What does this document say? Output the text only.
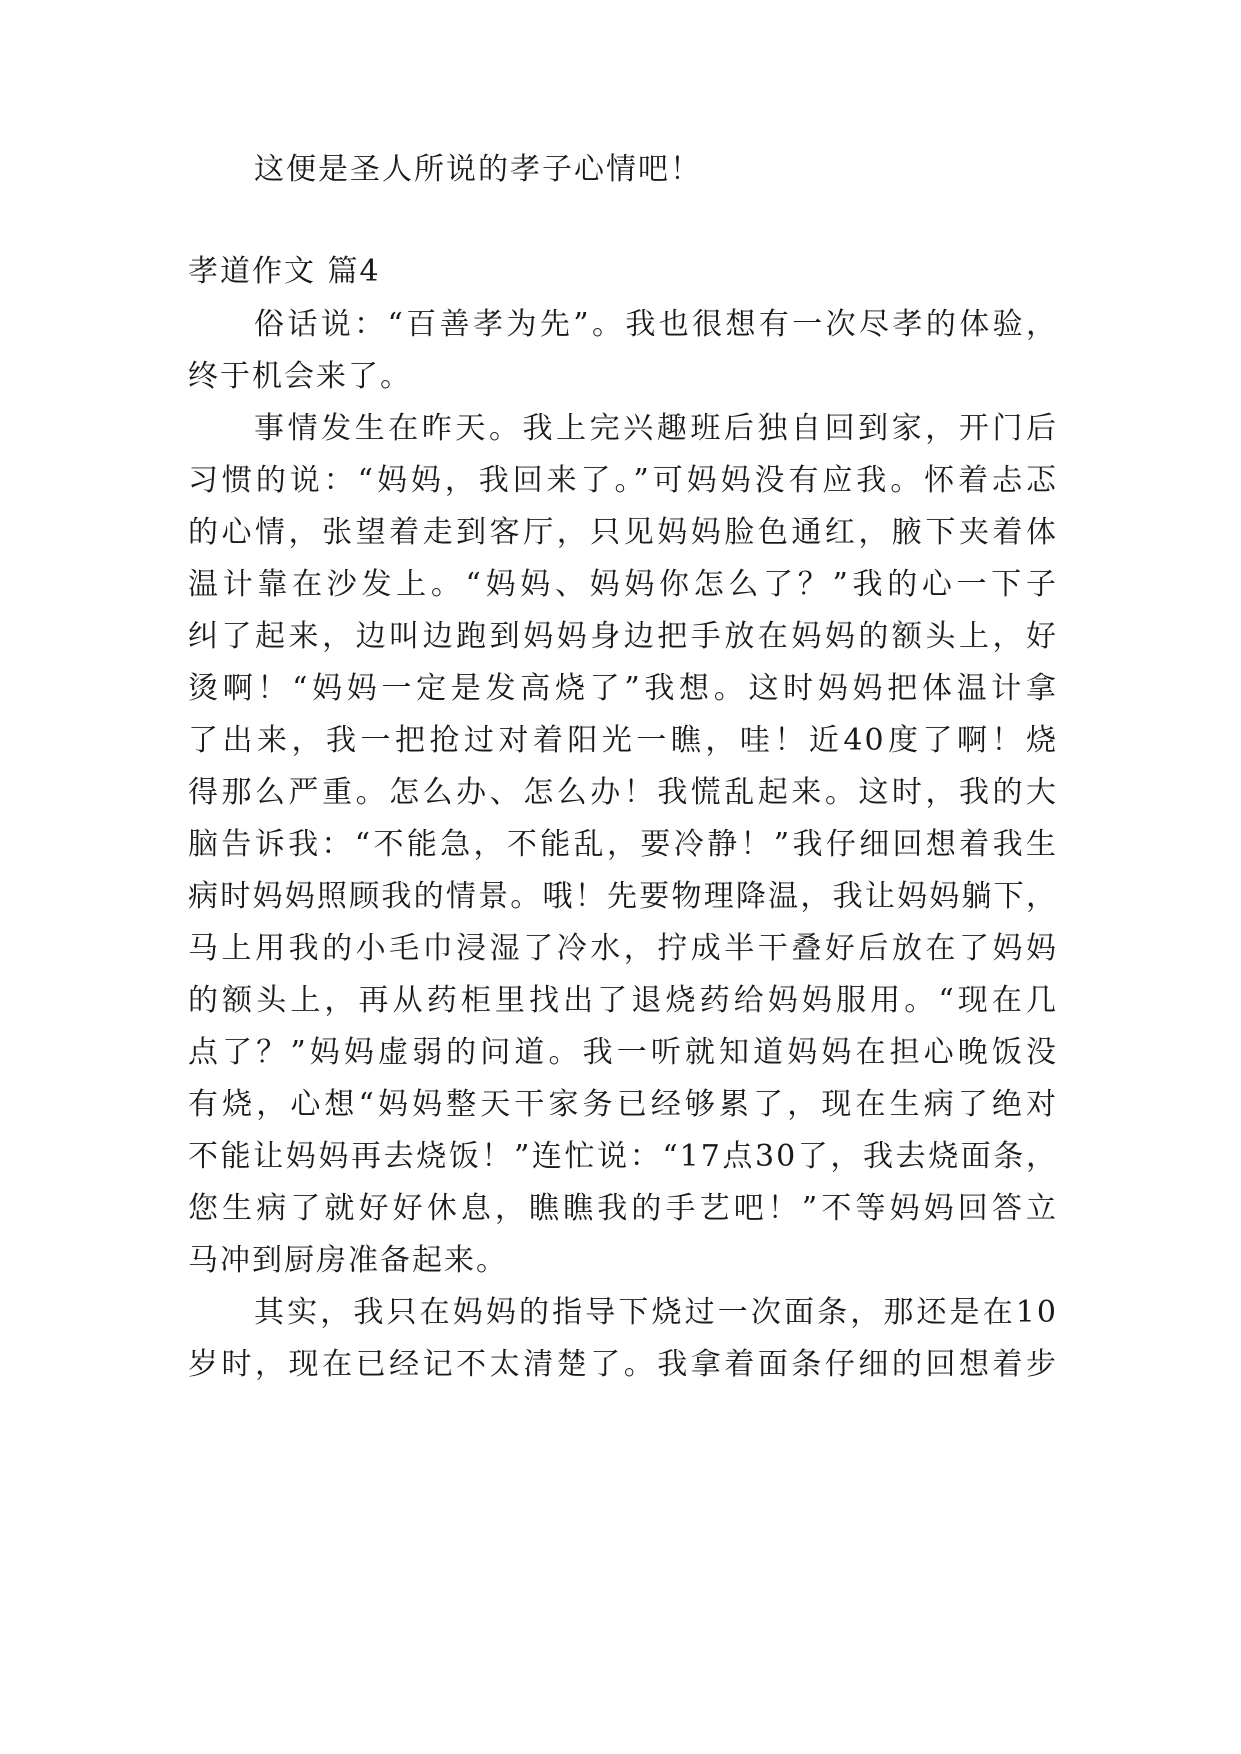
这便是圣人所说的孝子心情吧！
孝道作文 篇4
俗话说：“百善孝为先”。我也很想有一次尽孝的体验，
终于机会来了。
事情发生在昨天。我上完兴趣班后独自回到家，开门后
习惯的说：“妈妈，我回来了。”可妈妈没有应我。怀着忐忑
的心情，张望着走到客厅，只见妈妈脸色通红，腋下夹着体
温计靠在沙发上。“妈妈、妈妈你怎么了？”我的心一下子
纠了起来，边叫边跑到妈妈身边把手放在妈妈的额头上，好
烫啊！“妈妈一定是发高烧了”我想。这时妈妈把体温计拿
了出来，我一把抢过对着阳光一瞧，哇！近40度了啊！烧
得那么严重。怎么办、怎么办！我慌乱起来。这时，我的大
脑告诉我：“不能急，不能乱，要冷静！”我仔细回想着我生
病时妈妈照顾我的情景。哦！先要物理降温，我让妈妈躺下，
马上用我的小毛巾浸湿了冷水，拧成半干叠好后放在了妈妈
的额头上，再从药柜里找出了退烧药给妈妈服用。“现在几
点了？”妈妈虚弱的问道。我一听就知道妈妈在担心晚饭没
有烧，心想“妈妈整天干家务已经够累了，现在生病了绝对
不能让妈妈再去烧饭！”连忙说：“17点30了，我去烧面条，
您生病了就好好休息，瞧瞧我的手艺吧！”不等妈妈回答立
马冲到厨房准备起来。
其实，我只在妈妈的指导下烧过一次面条，那还是在10
岁时，现在已经记不太清楚了。我拿着面条仔细的回想着步
